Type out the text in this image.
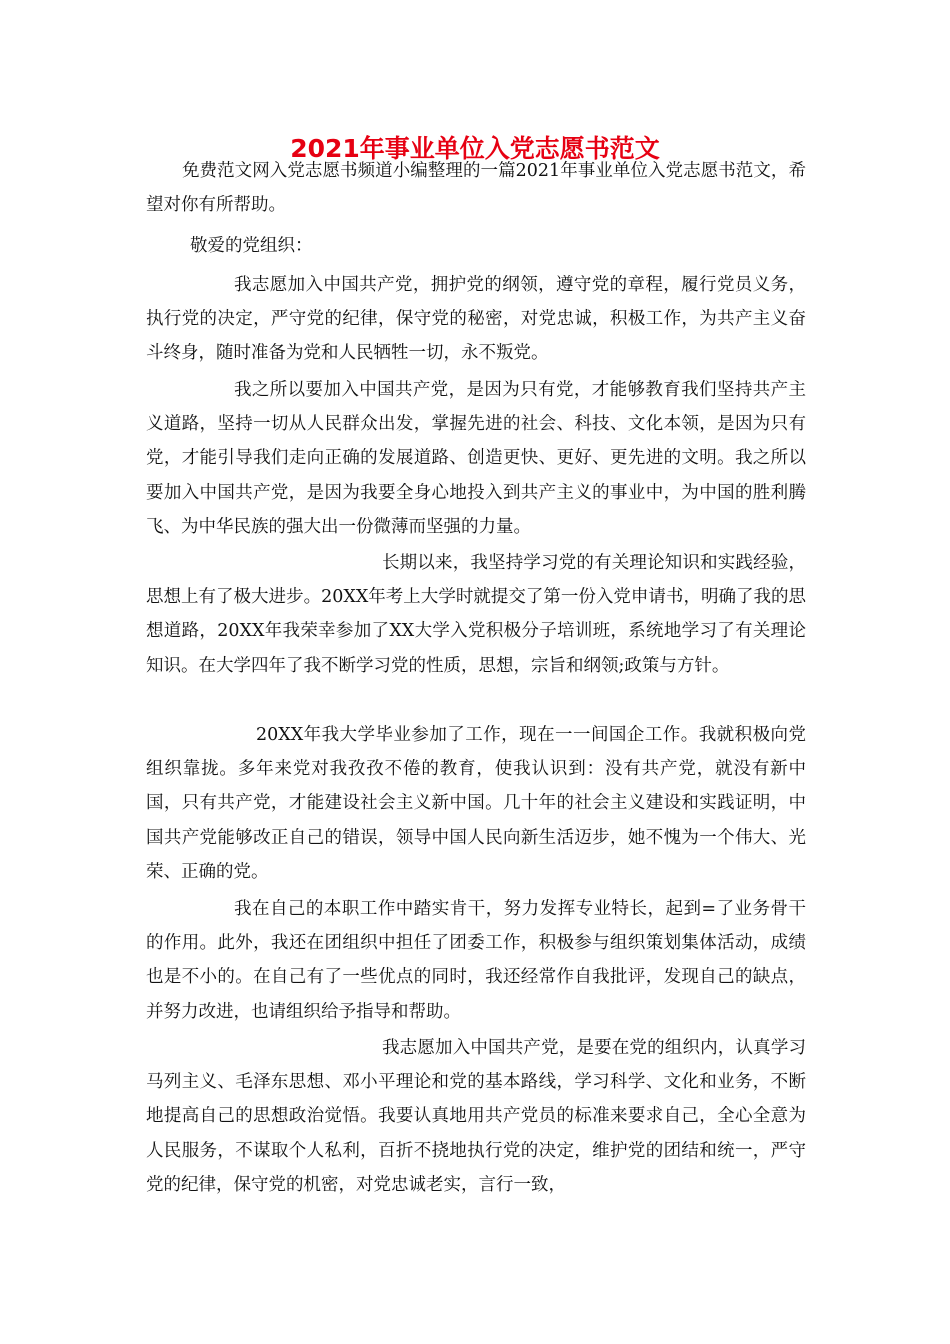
2021年事业单位入党志愿书范文

免费范文网入党志愿书频道小编整理的一篇2021年事业单位入党志愿书范文，希望对你有所帮助。

敬爱的党组织：

我志愿加入中国共产党，拥护党的纲领，遵守党的章程，履行党员义务，执行党的决定，严守党的纪律，保守党的秘密，对党忠诚，积极工作，为共产主义奋斗终身，随时准备为党和人民牺牲一切，永不叛党。

我之所以要加入中国共产党，是因为只有党，才能够教育我们坚持共产主义道路，坚持一切从人民群众出发，掌握先进的社会、科技、文化本领，是因为只有党，才能引导我们走向正确的发展道路、创造更快、更好、更先进的文明。我之所以要加入中国共产党，是因为我要全身心地投入到共产主义的事业中，为中国的胜利腾飞、为中华民族的强大出一份微薄而坚强的力量。

长期以来，我坚持学习党的有关理论知识和实践经验，思想上有了极大进步。20XX年考上大学时就提交了第一份入党申请书，明确了我的思想道路，20XX年我荣幸参加了XX大学入党积极分子培训班，系统地学习了有关理论知识。在大学四年了我不断学习党的性质，思想，宗旨和纲领;政策与方针。

20XX年我大学毕业参加了工作，现在一一间国企工作。我就积极向党组织靠拢。多年来党对我孜孜不倦的教育，使我认识到：没有共产党，就没有新中国，只有共产党，才能建设社会主义新中国。几十年的社会主义建设和实践证明，中国共产党能够改正自己的错误，领导中国人民向新生活迈步，她不愧为一个伟大、光荣、正确的党。

我在自己的本职工作中踏实肯干，努力发挥专业特长，起到=了业务骨干的作用。此外，我还在团组织中担任了团委工作，积极参与组织策划集体活动，成绩也是不小的。在自己有了一些优点的同时，我还经常作自我批评，发现自己的缺点，并努力改进，也请组织给予指导和帮助。

我志愿加入中国共产党，是要在党的组织内，认真学习马列主义、毛泽东思想、邓小平理论和党的基本路线，学习科学、文化和业务，不断地提高自己的思想政治觉悟。我要认真地用共产党员的标准来要求自己，全心全意为人民服务，不谋取个人私利，百折不挠地执行党的决定，维护党的团结和统一，严守党的纪律，保守党的机密，对党忠诚老实，言行一致，
